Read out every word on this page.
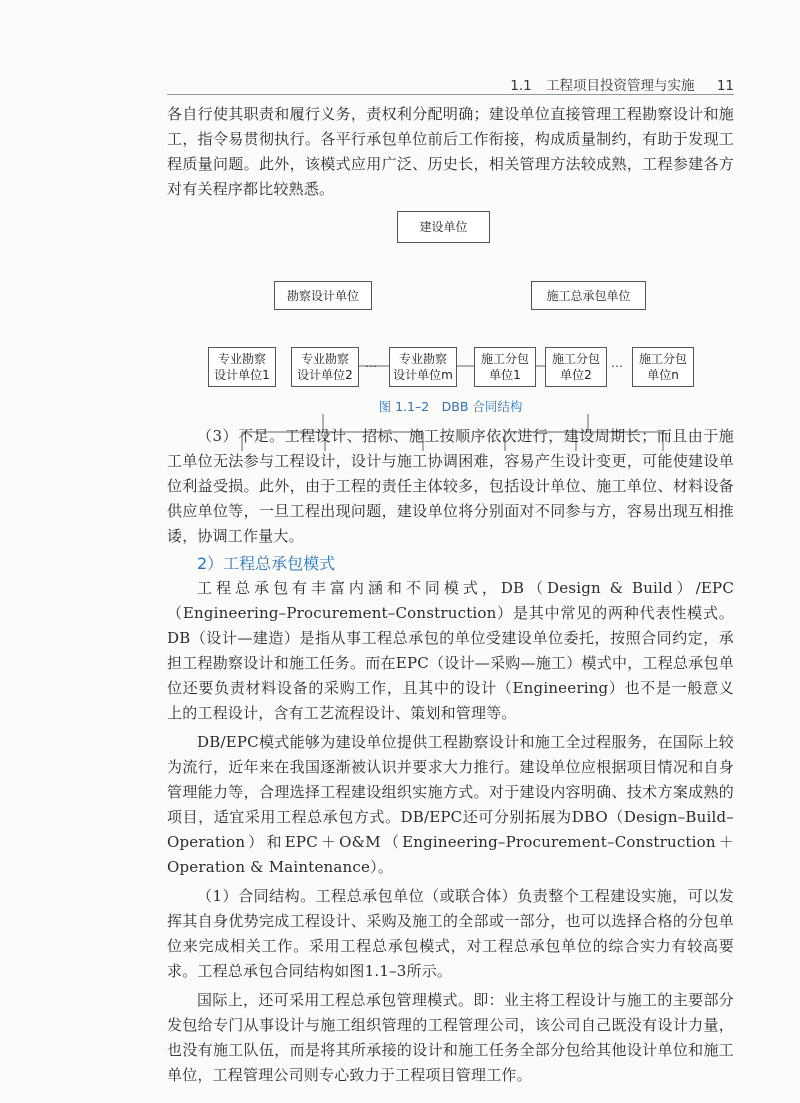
1.1 工程项目投资管理与实施 11

各自行使其职责和履行义务，责权利分配明确；建设单位直接管理工程勘察设计和施工，指令易贯彻执行。各平行承包单位前后工作衔接，构成质量制约，有助于发现工程质量问题。此外，该模式应用广泛、历史长，相关管理方法较成熟，工程参建各方对有关程序都比较熟悉。

建设单位
勘察设计单位	施工总承包单位
专业勘察
设计单位1
专业勘察
设计单位2
…	专业勘察
设计单位m
施工分包
单位1
施工分包
单位2
…	施工分包
单位n
图 1.1–2　DBB 合同结构

（3）不足。工程设计、招标、施工按顺序依次进行，建设周期长；而且由于施工单位无法参与工程设计，设计与施工协调困难，容易产生设计变更，可能使建设单位利益受损。此外，由于工程的责任主体较多，包括设计单位、施工单位、材料设备供应单位等，一旦工程出现问题，建设单位将分别面对不同参与方，容易出现互相推诿，协调工作量大。

2）工程总承包模式

工程总承包有丰富内涵和不同模式，DB（Design & Build）/EPC（Engineering–Procurement–Construction）是其中常见的两种代表性模式。DB（设计—建造）是指从事工程总承包的单位受建设单位委托，按照合同约定，承担工程勘察设计和施工任务。而在EPC（设计—采购—施工）模式中，工程总承包单位还要负责材料设备的采购工作，且其中的设计（Engineering）也不是一般意义上的工程设计，含有工艺流程设计、策划和管理等。

DB/EPC模式能够为建设单位提供工程勘察设计和施工全过程服务，在国际上较为流行，近年来在我国逐渐被认识并要求大力推行。建设单位应根据项目情况和自身管理能力等，合理选择工程建设组织实施方式。对于建设内容明确、技术方案成熟的项目，适宜采用工程总承包方式。DB/EPC还可分别拓展为DBO（Design–Build–Operation）和EPC＋O&M（Engineering–Procurement–Construction＋Operation & Maintenance）。

（1）合同结构。工程总承包单位（或联合体）负责整个工程建设实施，可以发挥其自身优势完成工程设计、采购及施工的全部或一部分，也可以选择合格的分包单位来完成相关工作。采用工程总承包模式，对工程总承包单位的综合实力有较高要求。工程总承包合同结构如图1.1–3所示。

国际上，还可采用工程总承包管理模式。即：业主将工程设计与施工的主要部分发包给专门从事设计与施工组织管理的工程管理公司，该公司自己既没有设计力量，也没有施工队伍，而是将其所承接的设计和施工任务全部分包给其他设计单位和施工单位，工程管理公司则专心致力于工程项目管理工作。
